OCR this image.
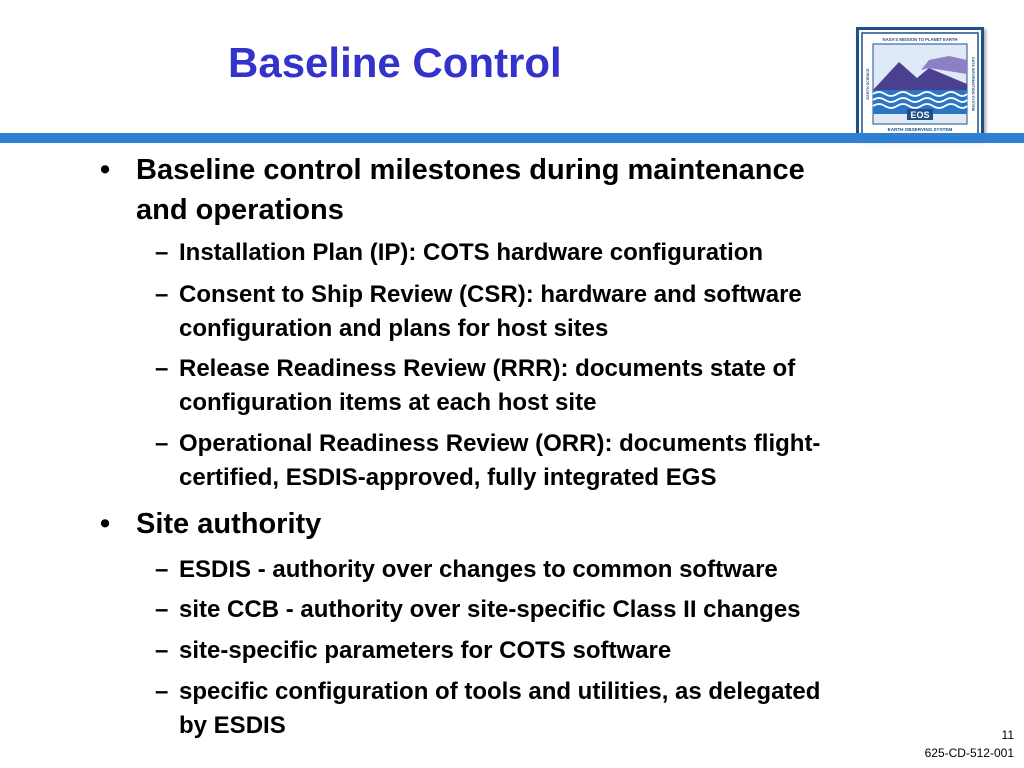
Baseline Control	NASA'S MISSION TO PLANET EARTH
EARTH SCIENCE	DATA INFORMATION SYSTEM
EOS
EARTH OBSERVING SYSTEM
• Baseline control milestones during maintenance
and operations
– Installation Plan (IP): COTS hardware configuration
– Consent to Ship Review (CSR): hardware and software
configuration and plans for host sites
– Release Readiness Review (RRR): documents state of
configuration items at each host site
– Operational Readiness Review (ORR): documents flight-
certified, ESDIS-approved, fully integrated EGS
• Site authority
– ESDIS - authority over changes to common software
– site CCB - authority over site-specific Class II changes
– site-specific parameters for COTS software
– specific configuration of tools and utilities, as delegated
by ESDIS	11
625-CD-512-001
